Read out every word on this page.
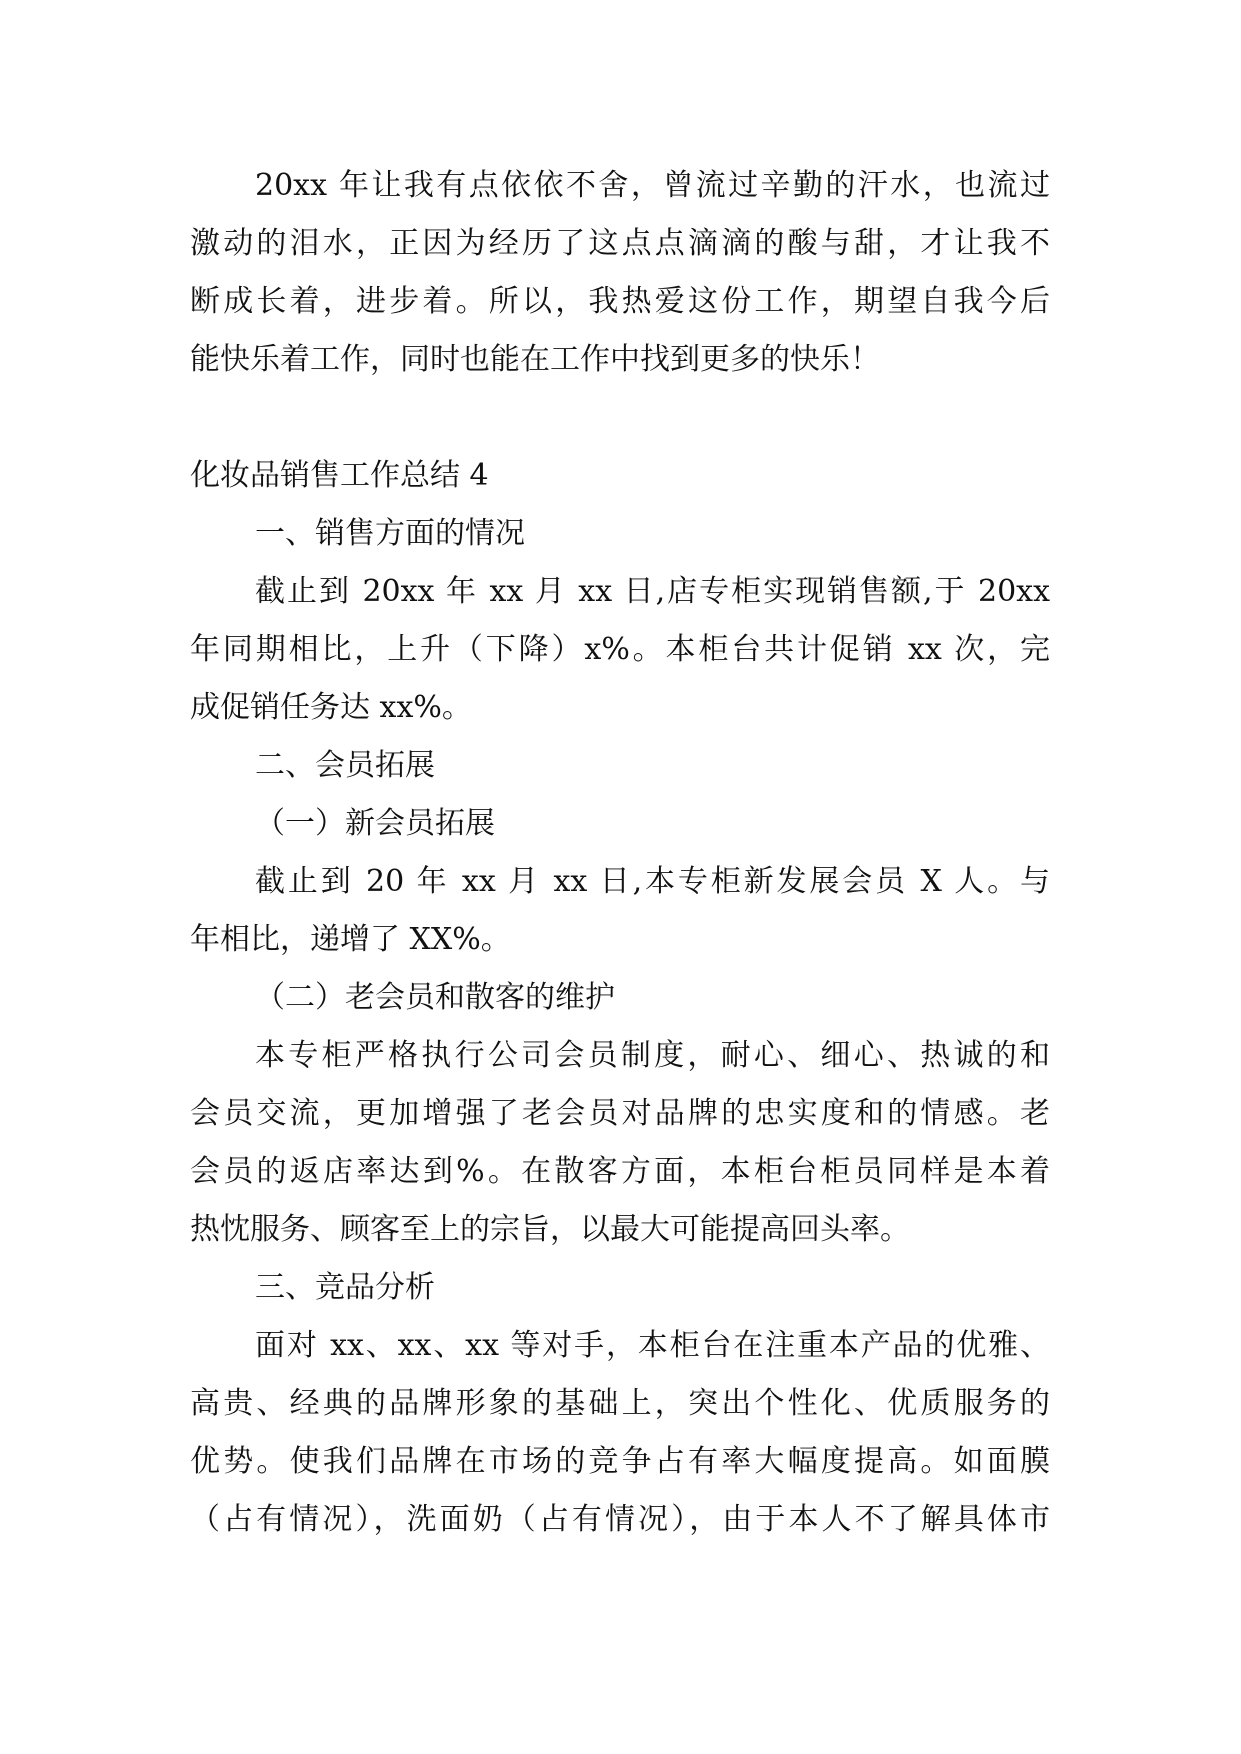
20xx 年让我有点依依不舍，曾流过辛勤的汗水，也流过
激动的泪水，正因为经历了这点点滴滴的酸与甜，才让我不
断成长着，进步着。所以，我热爱这份工作，期望自我今后
能快乐着工作，同时也能在工作中找到更多的快乐！
化妆品销售工作总结 4
一、销售方面的情况
截止到 20xx 年 xx 月 xx 日,店专柜实现销售额,于 20xx
年同期相比，上升（下降）x%。本柜台共计促销 xx 次，完
成促销任务达 xx%。
二、会员拓展
（一）新会员拓展
截止到 20 年 xx 月 xx 日,本专柜新发展会员 X 人。与
年相比，递增了 XX%。
（二）老会员和散客的维护
本专柜严格执行公司会员制度，耐心、细心、热诚的和
会员交流，更加增强了老会员对品牌的忠实度和的情感。老
会员的返店率达到%。在散客方面，本柜台柜员同样是本着
热忱服务、顾客至上的宗旨，以最大可能提高回头率。
三、竞品分析
面对 xx、xx、xx 等对手，本柜台在注重本产品的优雅、
高贵、经典的品牌形象的基础上，突出个性化、优质服务的
优势。使我们品牌在市场的竞争占有率大幅度提高。如面膜
（占有情况），洗面奶（占有情况），由于本人不了解具体市
